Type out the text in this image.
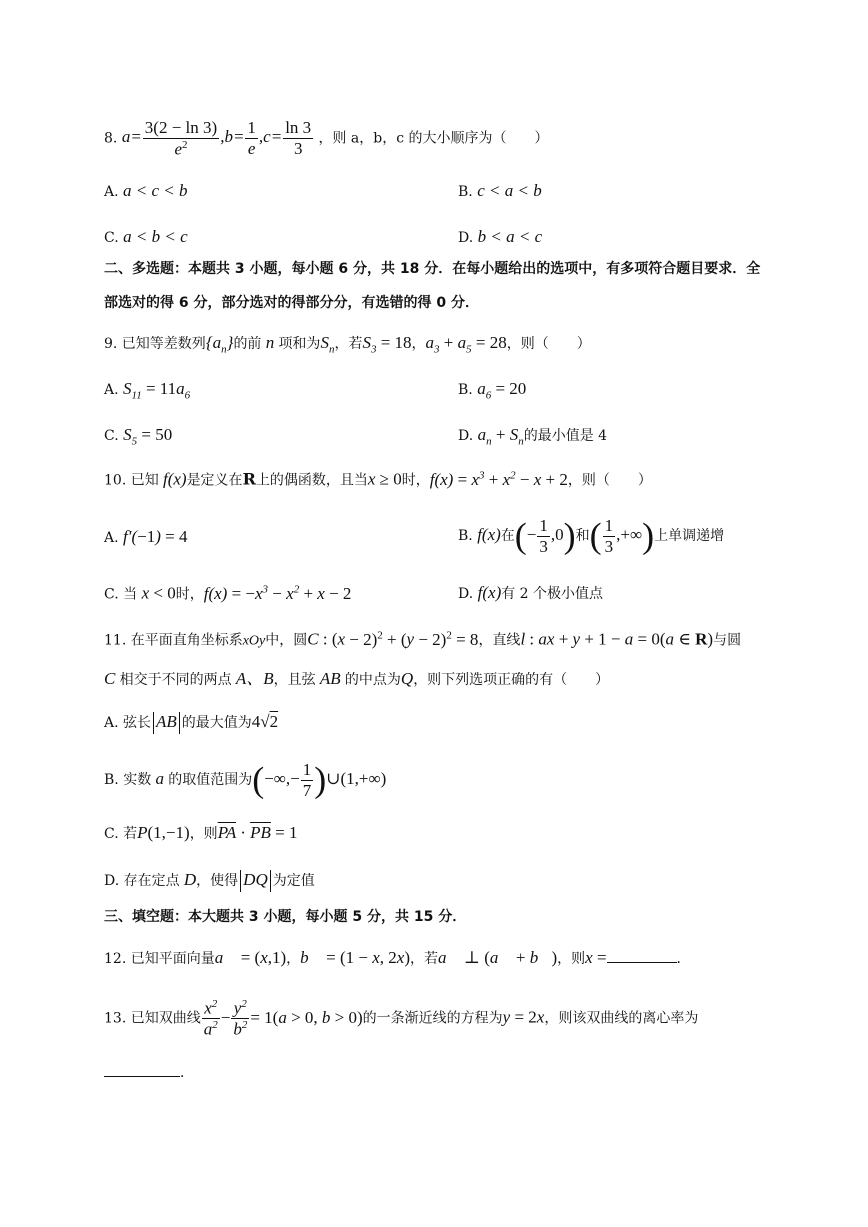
8. $a= \frac{3(2 - \ln 3)}{e^2} ,b= \frac{1}{e} ,c= \frac{\ln 3}{3}$ ，则 a，b，c 的大小顺序为（　　）
A. a < c < b	B. c < a < b
C. a < b < c	D. b < a < c
二、多选题：本题共 3 小题，每小题 6 分，共 18 分．在每小题给出的选项中，有多项符合题目要求．全
部选对的得 6 分，部分选对的得部分分，有选错的得 0 分．
9. 已知等差数列$\{a_n\}$的前 n 项和为$S_n$，若$S_3 = 18$，$a_3 + a_5 = 28$，则（　　）
A. $S_{11} = 11a_6$	B. $a_6 = 20$
C. $S_5 = 50$	D. $a_n + S_n$的最小值是 4
10. 已知 f(x)是定义在R上的偶函数，且当x ≥ 0时，$f(x) = x^3 + x^2 - x + 2$，则（　　）
A. f′(−1) = 4	B. f(x)在(− $\frac{1}{3} ,0$)和( $\frac{1}{3}$ ,+∞)上单调递增
C. 当 x < 0时，$f(x) = -x^3 - x^2 + x - 2$	D. f(x)有 2 个极小值点
11. 在平面直角坐标系xOy中，圆C : $(x - 2)^2 + (y - 2)^2 = 8$，直线l : ax + y + 1 − a = 0(a ∈ R)与圆
C 相交于不同的两点 A、B，且弦 AB 的中点为Q，则下列选项正确的有（　　）
A. 弦长 AB 的最大值为4√2
B. 实数 a 的取值范围为(−∞,− $\frac{1}{7}$ )∪(1,+∞)
C. 若P(1,−1)，则$\overline{PA} \cdot \overline{PB} = 1$
D. 存在定点 D，使得 DQ 为定值
三、填空题：本大题共 3 小题，每小题 5 分，共 15 分．
12. 已知平面向量a⃗ = (x,1)，b⃗ = (1 − x, 2x)，若a⃗ ⊥ (a⃗ + b⃗)，则x =	．
13. 已知双曲线 $\frac{x^2}{a^2} - \frac{y^2}{b^2} = 1(a > 0$, b > 0)的一条渐近线的方程为y = 2x，则该双曲线的离心率为
．
